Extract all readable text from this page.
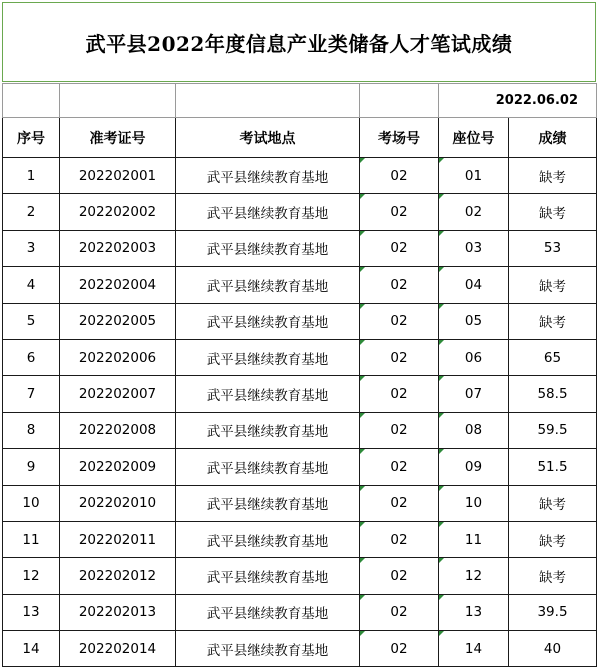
武平县2022年度信息产业类储备人才笔试成绩
				2022.06.02	
序号	准考证号	考试地点	考场号	座位号	成绩
1	202202001	武平县继续教育基地	02	01	缺考
2	202202002	武平县继续教育基地	02	02	缺考
3	202202003	武平县继续教育基地	02	03	53
4	202202004	武平县继续教育基地	02	04	缺考
5	202202005	武平县继续教育基地	02	05	缺考
6	202202006	武平县继续教育基地	02	06	65
7	202202007	武平县继续教育基地	02	07	58.5
8	202202008	武平县继续教育基地	02	08	59.5
9	202202009	武平县继续教育基地	02	09	51.5
10	202202010	武平县继续教育基地	02	10	缺考
11	202202011	武平县继续教育基地	02	11	缺考
12	202202012	武平县继续教育基地	02	12	缺考
13	202202013	武平县继续教育基地	02	13	39.5
14	202202014	武平县继续教育基地	02	14	40
